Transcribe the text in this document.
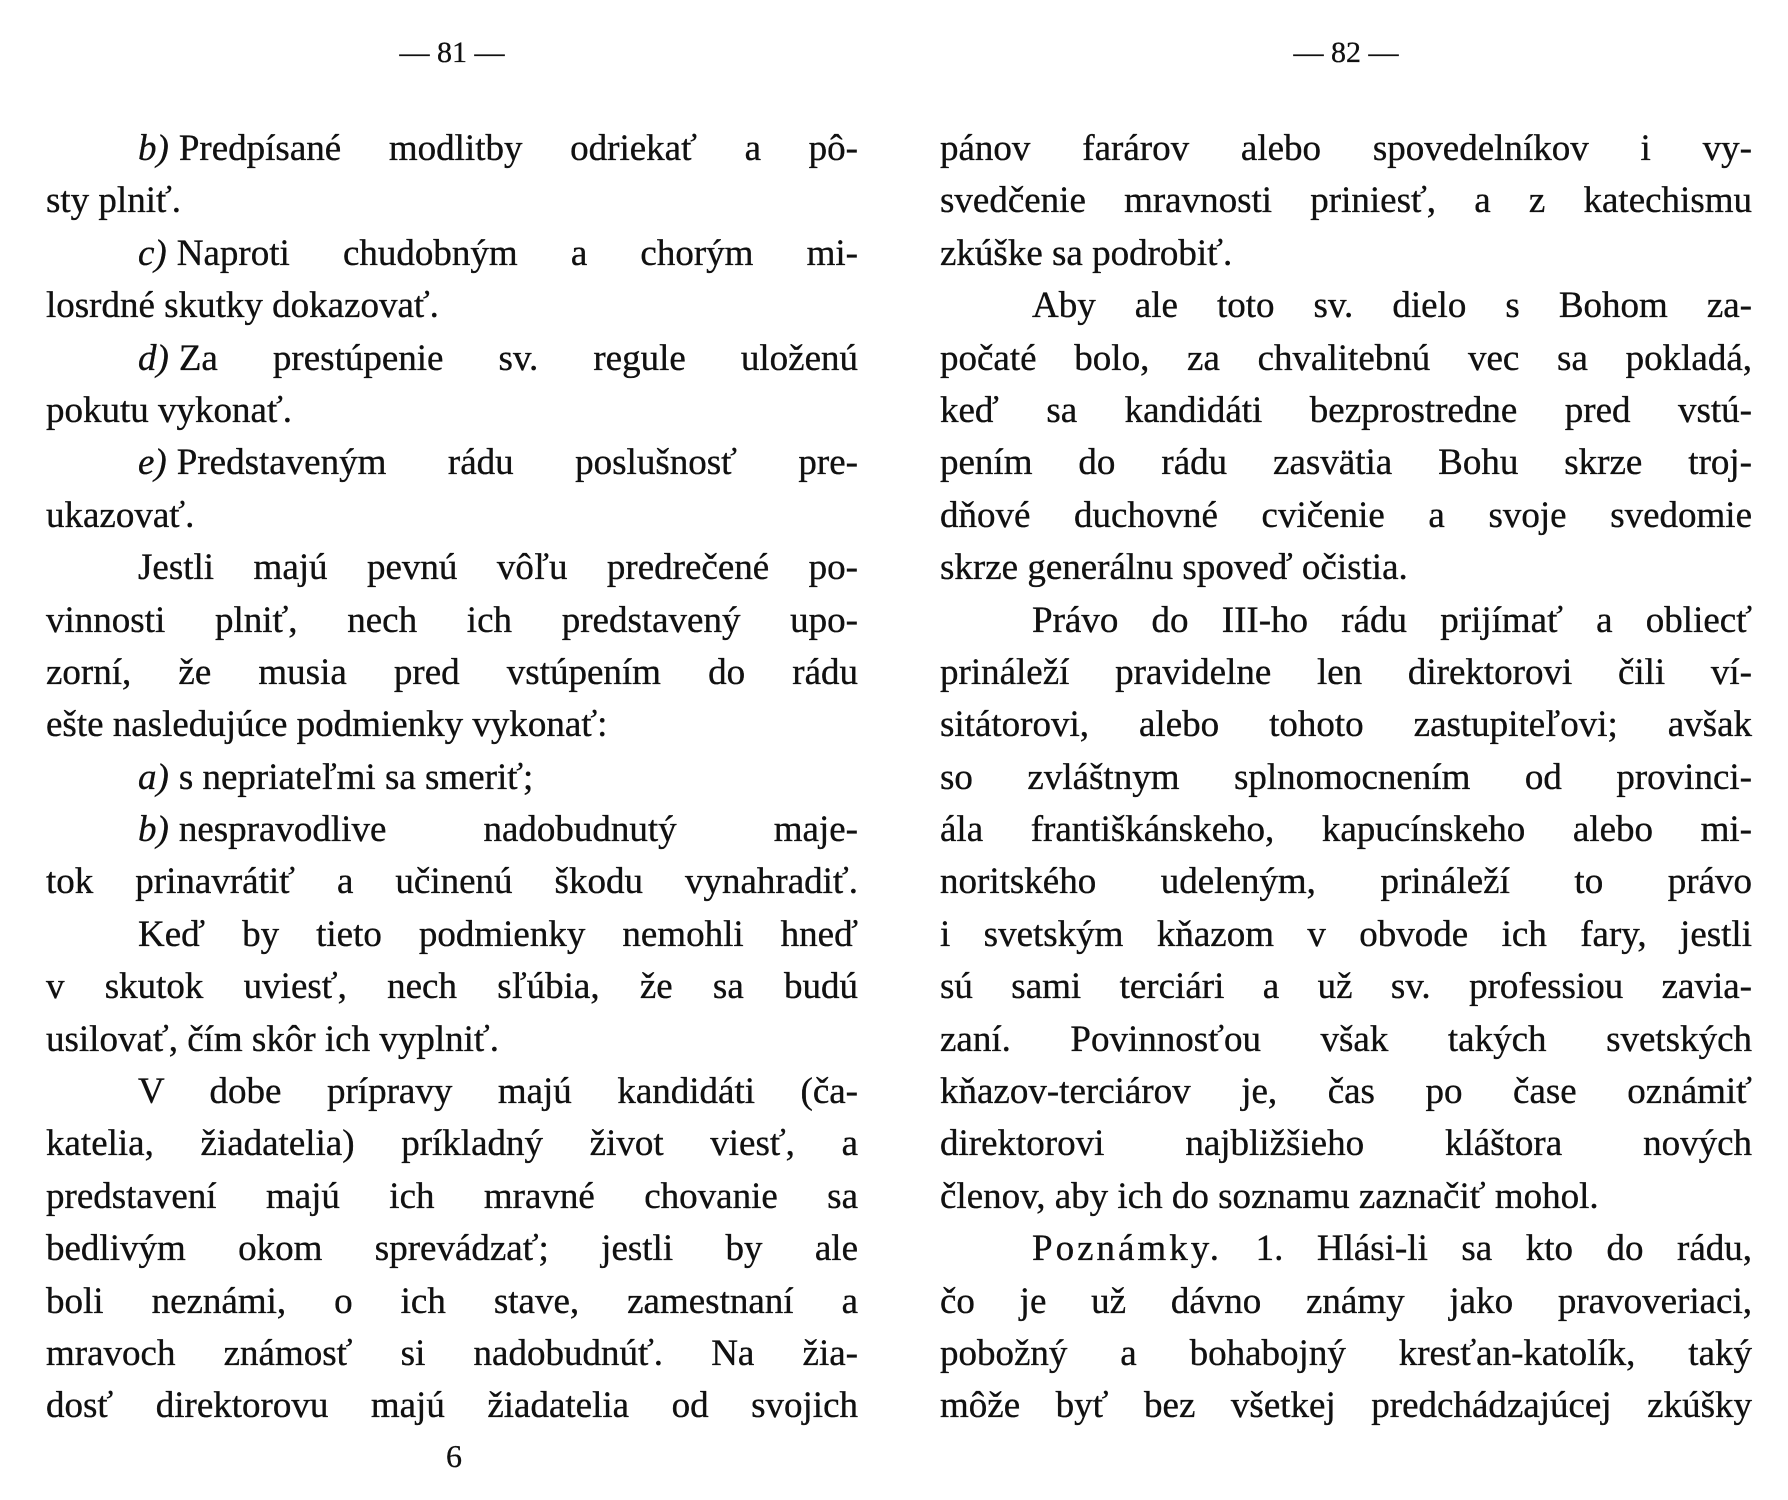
— 81 —
b) Predpísané modlitby odriekať a pô-
sty plniť.
c) Naproti chudobným a chorým mi-
losrdné skutky dokazovať.
d) Za prestúpenie sv. regule uloženú
pokutu vykonať.
e) Predstaveným rádu poslušnosť pre-
ukazovať.
Jestli majú pevnú vôľu predrečené po-
vinnosti plniť, nech ich predstavený upo-
zorní, že musia pred vstúpením do rádu
ešte nasledujúce podmienky vykonať:
a) s nepriateľmi sa smeriť;
b) nespravodlive nadobudnutý maje-
tok prinavrátiť a učinenú škodu vynahradiť.
Keď by tieto podmienky nemohli hneď
v skutok uviesť, nech sľúbia, že sa budú
usilovať, čím skôr ich vyplniť.
V dobe prípravy majú kandidáti (ča-
katelia, žiadatelia) príkladný život viesť, a
predstavení majú ich mravné chovanie sa
bedlivým okom sprevádzať; jestli by ale
boli neznámi, o ich stave, zamestnaní a
mravoch známosť si nadobudnúť. Na žia-
dosť direktorovu majú žiadatelia od svojich
6
— 82 —
pánov farárov alebo spovedelníkov i vy-
svedčenie mravnosti priniesť, a z katechismu
zkúške sa podrobiť.
Aby ale toto sv. dielo s Bohom za-
počaté bolo, za chvalitebnú vec sa pokladá,
keď sa kandidáti bezprostredne pred vstú-
pením do rádu zasvätia Bohu skrze troj-
dňové duchovné cvičenie a svoje svedomie
skrze generálnu spoveď očistia.
Právo do III-ho rádu prijímať a obliecť
prináleží pravidelne len direktorovi čili ví-
sitátorovi, alebo tohoto zastupiteľovi; avšak
so zvláštnym splnomocnením od provinci-
ála františkánskeho, kapucínskeho alebo mi-
noritského udeleným, prináleží to právo
i svetským kňazom v obvode ich fary, jestli
sú sami terciári a už sv. professiou zavia-
zaní. Povinnosťou však takých svetských
kňazov-terciárov je, čas po čase oznámiť
direktorovi najbližšieho kláštora nových
členov, aby ich do soznamu zaznačiť mohol.
Poznámky. 1. Hlási-li sa kto do rádu,
čo je už dávno známy jako pravoveriaci,
pobožný a bohabojný kresťan-katolík, taký
môže byť bez všetkej predchádzajúcej zkúšky
